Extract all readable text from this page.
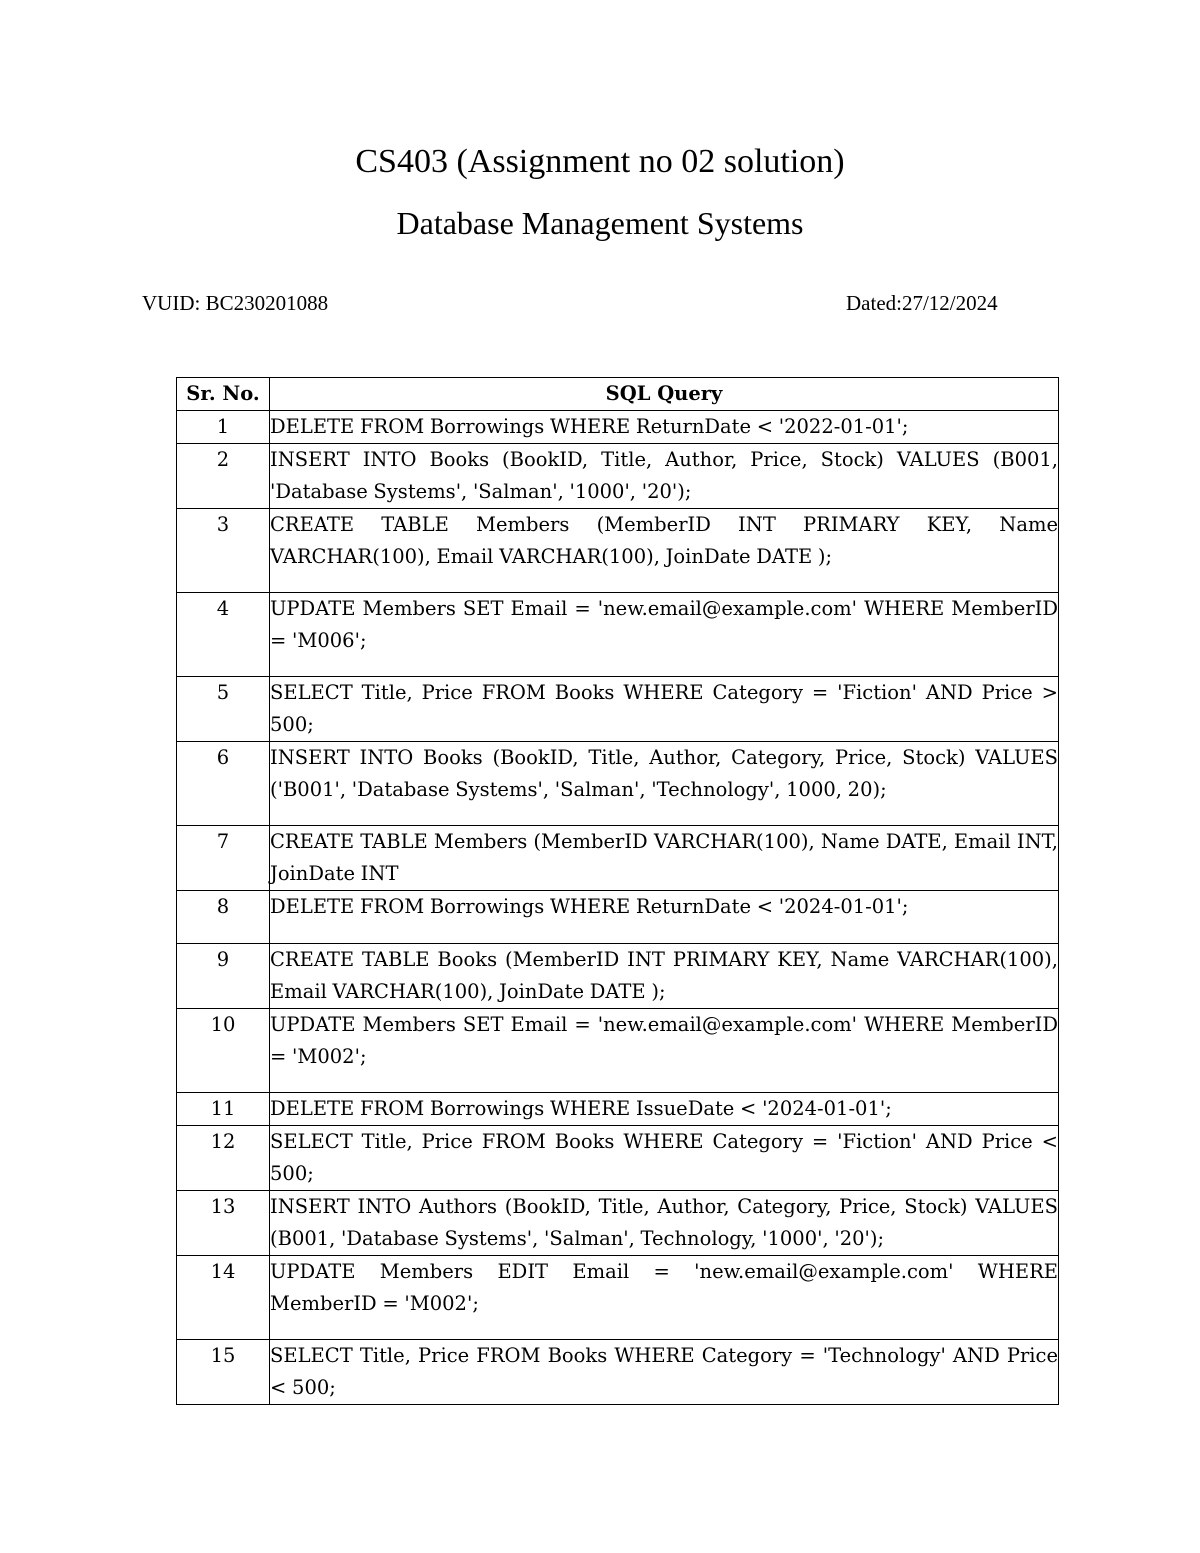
CS403 (Assignment no 02 solution)
Database Management Systems
VUID: BC230201088	Dated:27/12/2024
Sr. No.	SQL Query
1	DELETE FROM Borrowings WHERE ReturnDate < '2022-01-01';
2	INSERT INTO Books (BookID, Title, Author, Price, Stock) VALUES (B001, 'Database Systems', 'Salman', '1000', '20');
3	CREATE TABLE Members (MemberID INT PRIMARY KEY, Name VARCHAR(100), Email VARCHAR(100), JoinDate DATE );
4	UPDATE Members SET Email = 'new.email@example.com' WHERE MemberID = 'M006';
5	SELECT Title, Price FROM Books WHERE Category = 'Fiction' AND Price > 500;
6	INSERT INTO Books (BookID, Title, Author, Category, Price, Stock) VALUES ('B001', 'Database Systems', 'Salman', 'Technology', 1000, 20);
7	CREATE TABLE Members (MemberID VARCHAR(100), Name DATE, Email INT, JoinDate INT
8	DELETE FROM Borrowings WHERE ReturnDate < '2024-01-01';
9	CREATE TABLE Books (MemberID INT PRIMARY KEY, Name VARCHAR(100), Email VARCHAR(100), JoinDate DATE );
10	UPDATE Members SET Email = 'new.email@example.com' WHERE MemberID = 'M002';
11	DELETE FROM Borrowings WHERE IssueDate < '2024-01-01';
12	SELECT Title, Price FROM Books WHERE Category = 'Fiction' AND Price < 500;
13	INSERT INTO Authors (BookID, Title, Author, Category, Price, Stock) VALUES (B001, 'Database Systems', 'Salman', Technology, '1000', '20');
14	UPDATE Members EDIT Email = 'new.email@example.com' WHERE MemberID = 'M002';
15	SELECT Title, Price FROM Books WHERE Category = 'Technology' AND Price < 500;
